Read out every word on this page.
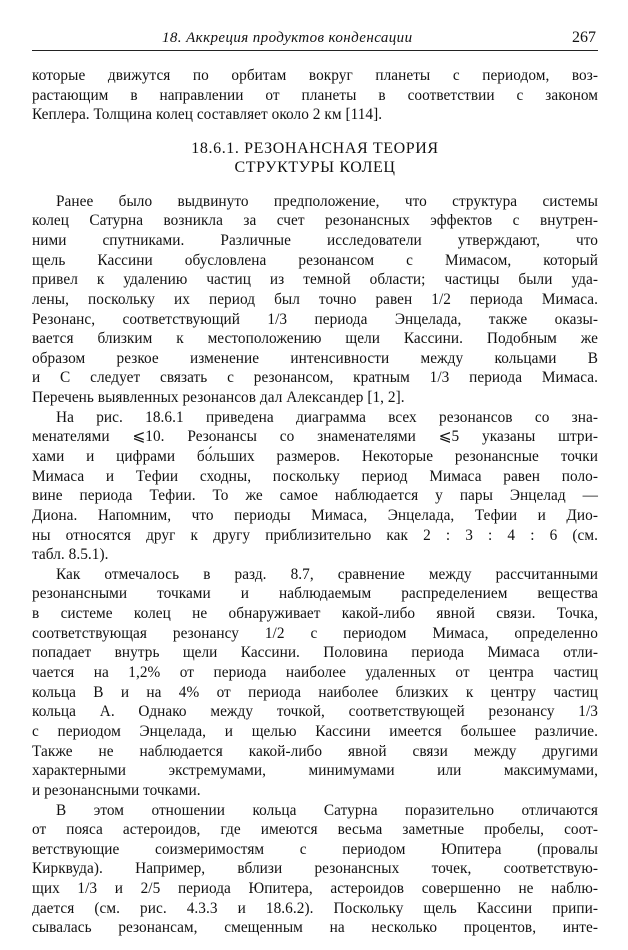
18. Аккреция продуктов конденсации	267
которые движутся по орбитам вокруг планеты с периодом, воз-
растающим в направлении от планеты в соответствии с законом
Кеплера. Толщина колец составляет около 2 км [114].
18.6.1. РЕЗОНАНСНАЯ ТЕОРИЯ
СТРУКТУРЫ КОЛЕЦ
Ранее было выдвинуто предположение, что структура системы
колец Сатурна возникла за счет резонансных эффектов с внутрен-
ними спутниками. Различные исследователи утверждают, что
щель Кассини обусловлена резонансом с Мимасом, который
привел к удалению частиц из темной области; частицы были уда-
лены, поскольку их период был точно равен 1/2 периода Мимаса.
Резонанс, соответствующий 1/3 периода Энцелада, также оказы-
вается близким к местоположению щели Кассини. Подобным же
образом резкое изменение интенсивности между кольцами B
и C следует связать с резонансом, кратным 1/3 периода Мимаса.
Перечень выявленных резонансов дал Александер [1, 2].
На рис. 18.6.1 приведена диаграмма всех резонансов со зна-
менателями ⩽10. Резонансы со знаменателями ⩽5 указаны штри-
хами и цифрами бо́льших размеров. Некоторые резонансные точки
Мимаса и Тефии сходны, поскольку период Мимаса равен поло-
вине периода Тефии. То же самое наблюдается у пары Энцелад —
Диона. Напомним, что периоды Мимаса, Энцелада, Тефии и Дио-
ны относятся друг к другу приблизительно как 2 : 3 : 4 : 6 (см.
табл. 8.5.1).
Как отмечалось в разд. 8.7, сравнение между рассчитанными
резонансными точками и наблюдаемым распределением вещества
в системе колец не обнаруживает какой-либо явной связи. Точка,
соответствующая резонансу 1/2 с периодом Мимаса, определенно
попадает внутрь щели Кассини. Половина периода Мимаса отли-
чается на 1,2% от периода наиболее удаленных от центра частиц
кольца B и на 4% от периода наиболее близких к центру частиц
кольца A. Однако между точкой, соответствующей резонансу 1/3
с периодом Энцелада, и щелью Кассини имеется большее различие.
Также не наблюдается какой-либо явной связи между другими
характерными экстремумами, минимумами или максимумами,
и резонансными точками.
В этом отношении кольца Сатурна поразительно отличаются
от пояса астероидов, где имеются весьма заметные пробелы, соот-
ветствующие соизмеримостям с периодом Юпитера (провалы
Кирквуда). Например, вблизи резонансных точек, соответствую-
щих 1/3 и 2/5 периода Юпитера, астероидов совершенно не наблю-
дается (см. рис. 4.3.3 и 18.6.2). Поскольку щель Кассини припи-
сывалась резонансам, смещенным на несколько процентов, инте-
